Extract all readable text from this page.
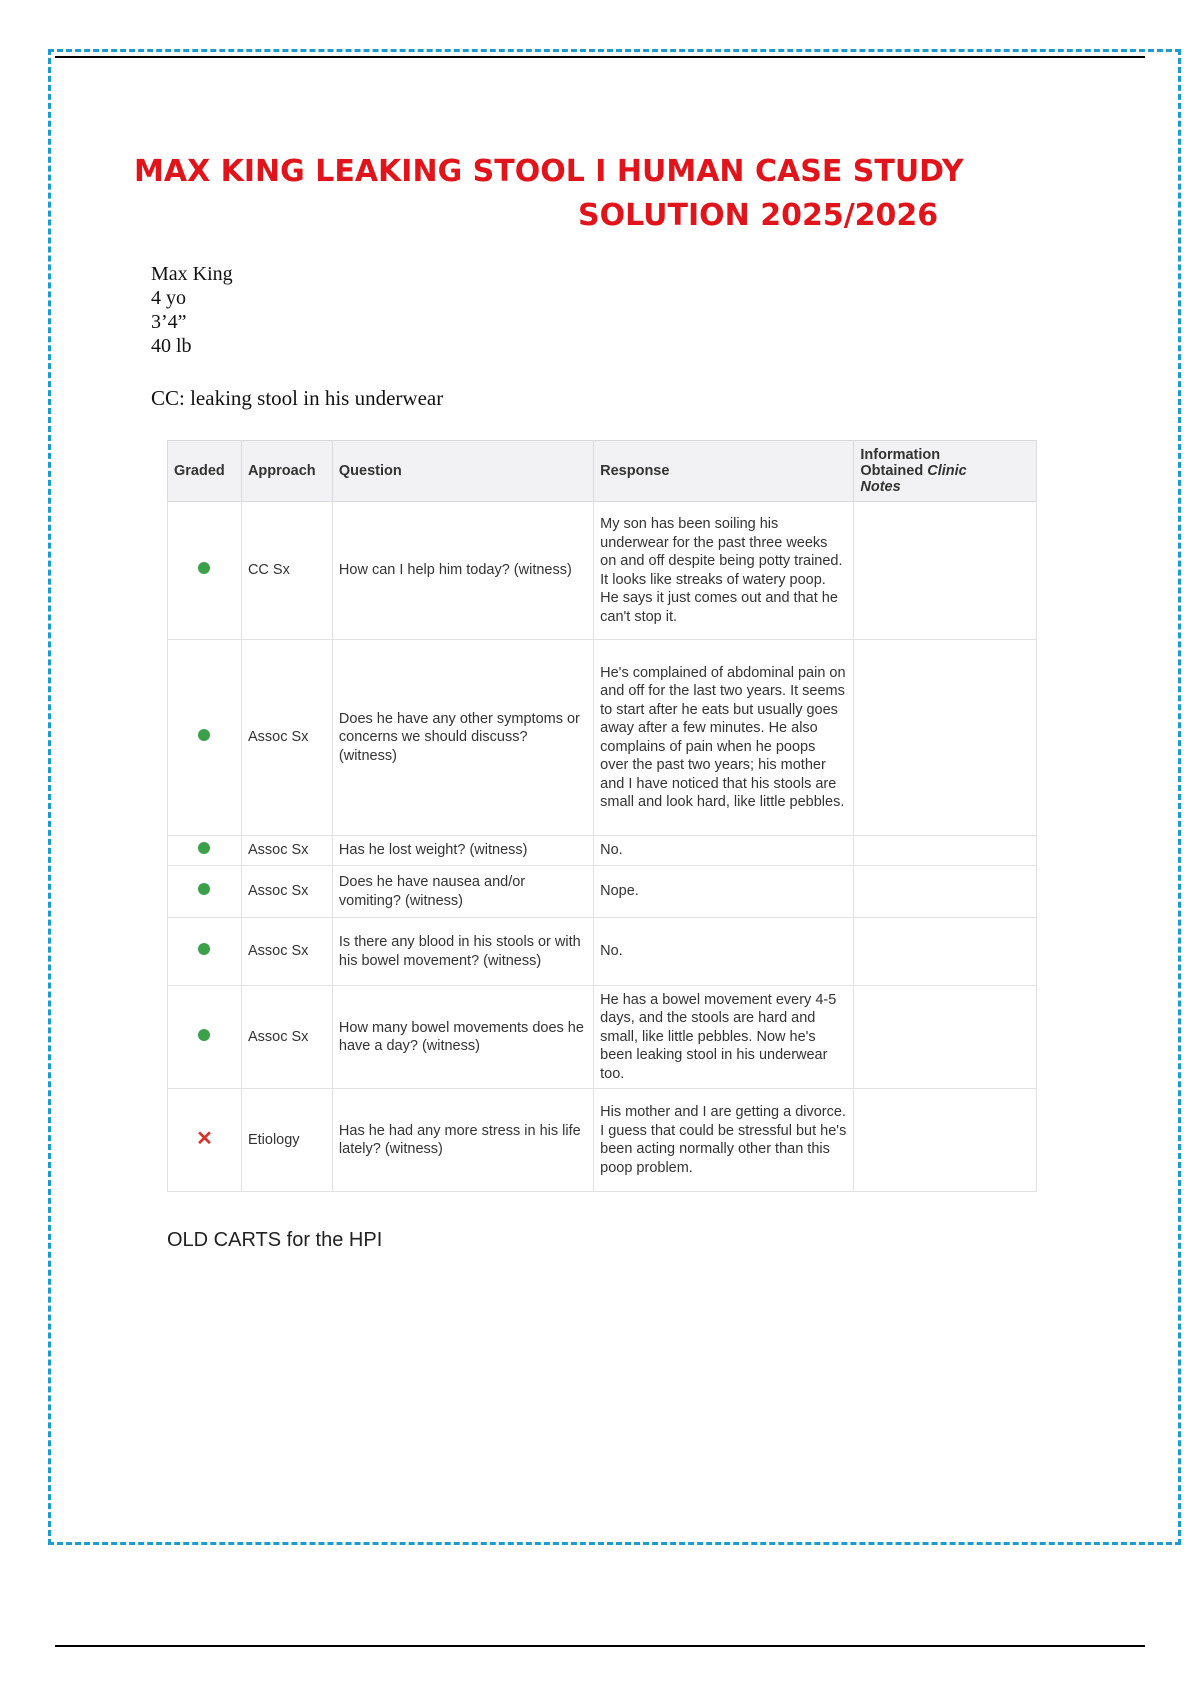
MAX KING LEAKING STOOL I HUMAN CASE STUDY
SOLUTION 2025/2026
Max King
4 yo
3’4”
40 lb
CC: leaking stool in his underwear
Graded	Approach	Question	Response	Information
Obtained Clinic
Notes
	CC Sx	How can I help him today? (witness)	My son has been soiling his underwear for the past three weeks on and off despite being potty trained. It looks like streaks of watery poop. He says it just comes out and that he can't stop it.	
	Assoc Sx	Does he have any other symptoms or concerns we should discuss? (witness)	He's complained of abdominal pain on and off for the last two years. It seems to start after he eats but usually goes away after a few minutes. He also complains of pain when he poops over the past two years; his mother and I have noticed that his stools are small and look hard, like little pebbles.	
	Assoc Sx	Has he lost weight? (witness)	No.	
	Assoc Sx	Does he have nausea and/or vomiting? (witness)	Nope.	
	Assoc Sx	Is there any blood in his stools or with his bowel movement? (witness)	No.	
	Assoc Sx	How many bowel movements does he have a day? (witness)	He has a bowel movement every 4-5 days, and the stools are hard and small, like little pebbles. Now he's been leaking stool in his underwear too.	
✕	Etiology	Has he had any more stress in his life lately? (witness)	His mother and I are getting a divorce. I guess that could be stressful but he's been acting normally other than this poop problem.	
OLD CARTS for the HPI
